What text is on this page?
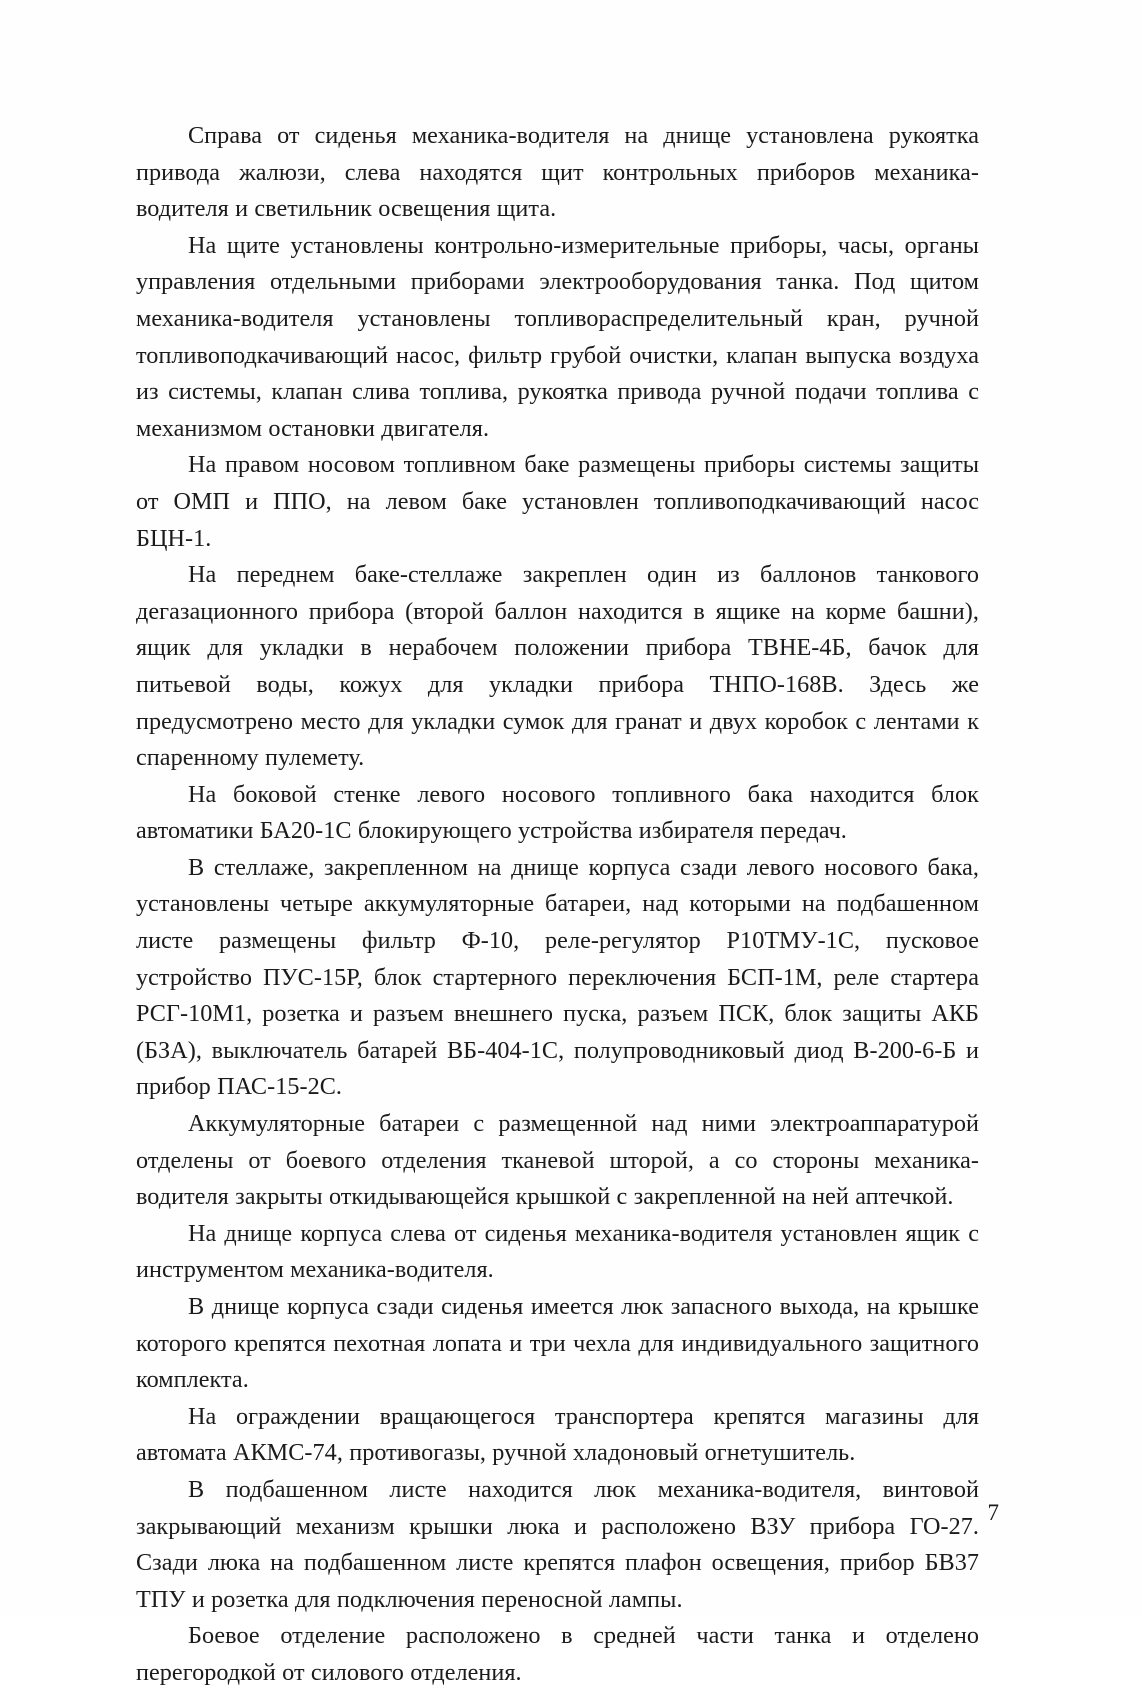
Справа от сиденья механика-водителя на днище установлена рукоятка привода жалюзи, слева находятся щит контрольных приборов механика-водителя и светильник освещения щита.

На щите установлены контрольно-измерительные приборы, часы, органы управления отдельными приборами электрооборудования танка. Под щитом механика-водителя установлены топливораспределительный кран, ручной топливоподкачивающий насос, фильтр грубой очистки, клапан выпуска воздуха из системы, клапан слива топлива, рукоятка привода ручной подачи топлива с механизмом остановки двигателя.

На правом носовом топливном баке размещены приборы системы защиты от ОМП и ППО, на левом баке установлен топливоподкачивающий насос БЦН-1.

На переднем баке-стеллаже закреплен один из баллонов танкового дегазационного прибора (второй баллон находится в ящике на корме башни), ящик для укладки в нерабочем положении прибора ТВНЕ-4Б, бачок для питьевой воды, кожух для укладки прибора ТНПО-168В. Здесь же предусмотрено место для укладки сумок для гранат и двух коробок с лентами к спаренному пулемету.

На боковой стенке левого носового топливного бака находится блок автоматики БА20-1С блокирующего устройства избирателя передач.

В стеллаже, закрепленном на днище корпуса сзади левого носового бака, установлены четыре аккумуляторные батареи, над которыми на подбашенном листе размещены фильтр Ф-10, реле-регулятор Р10ТМУ-1С, пусковое устройство ПУС-15Р, блок стартерного переключения БСП-1М, реле стартера РСГ-10М1, розетка и разъем внешнего пуска, разъем ПСК, блок защиты АКБ (БЗА), выключатель батарей ВБ-404-1С, полупроводниковый диод В-200-6-Б и прибор ПАС-15-2С.

Аккумуляторные батареи с размещенной над ними электроаппаратурой отделены от боевого отделения тканевой шторой, а со стороны механика-водителя закрыты откидывающейся крышкой с закрепленной на ней аптечкой.

На днище корпуса слева от сиденья механика-водителя установлен ящик с инструментом механика-водителя.

В днище корпуса сзади сиденья имеется люк запасного выхода, на крышке которого крепятся пехотная лопата и три чехла для индивидуального защитного комплекта.

На ограждении вращающегося транспортера крепятся магазины для автомата АКМС-74, противогазы, ручной хладоновый огнетушитель.

В подбашенном листе находится люк механика-водителя, винтовой закрывающий механизм крышки люка и расположено ВЗУ прибора ГО-27. Сзади люка на подбашенном листе крепятся плафон освещения, прибор БВ37 ТПУ и розетка для подключения переносной лампы.

Боевое отделение расположено в средней части танка и отделено перегородкой от силового отделения.

7
